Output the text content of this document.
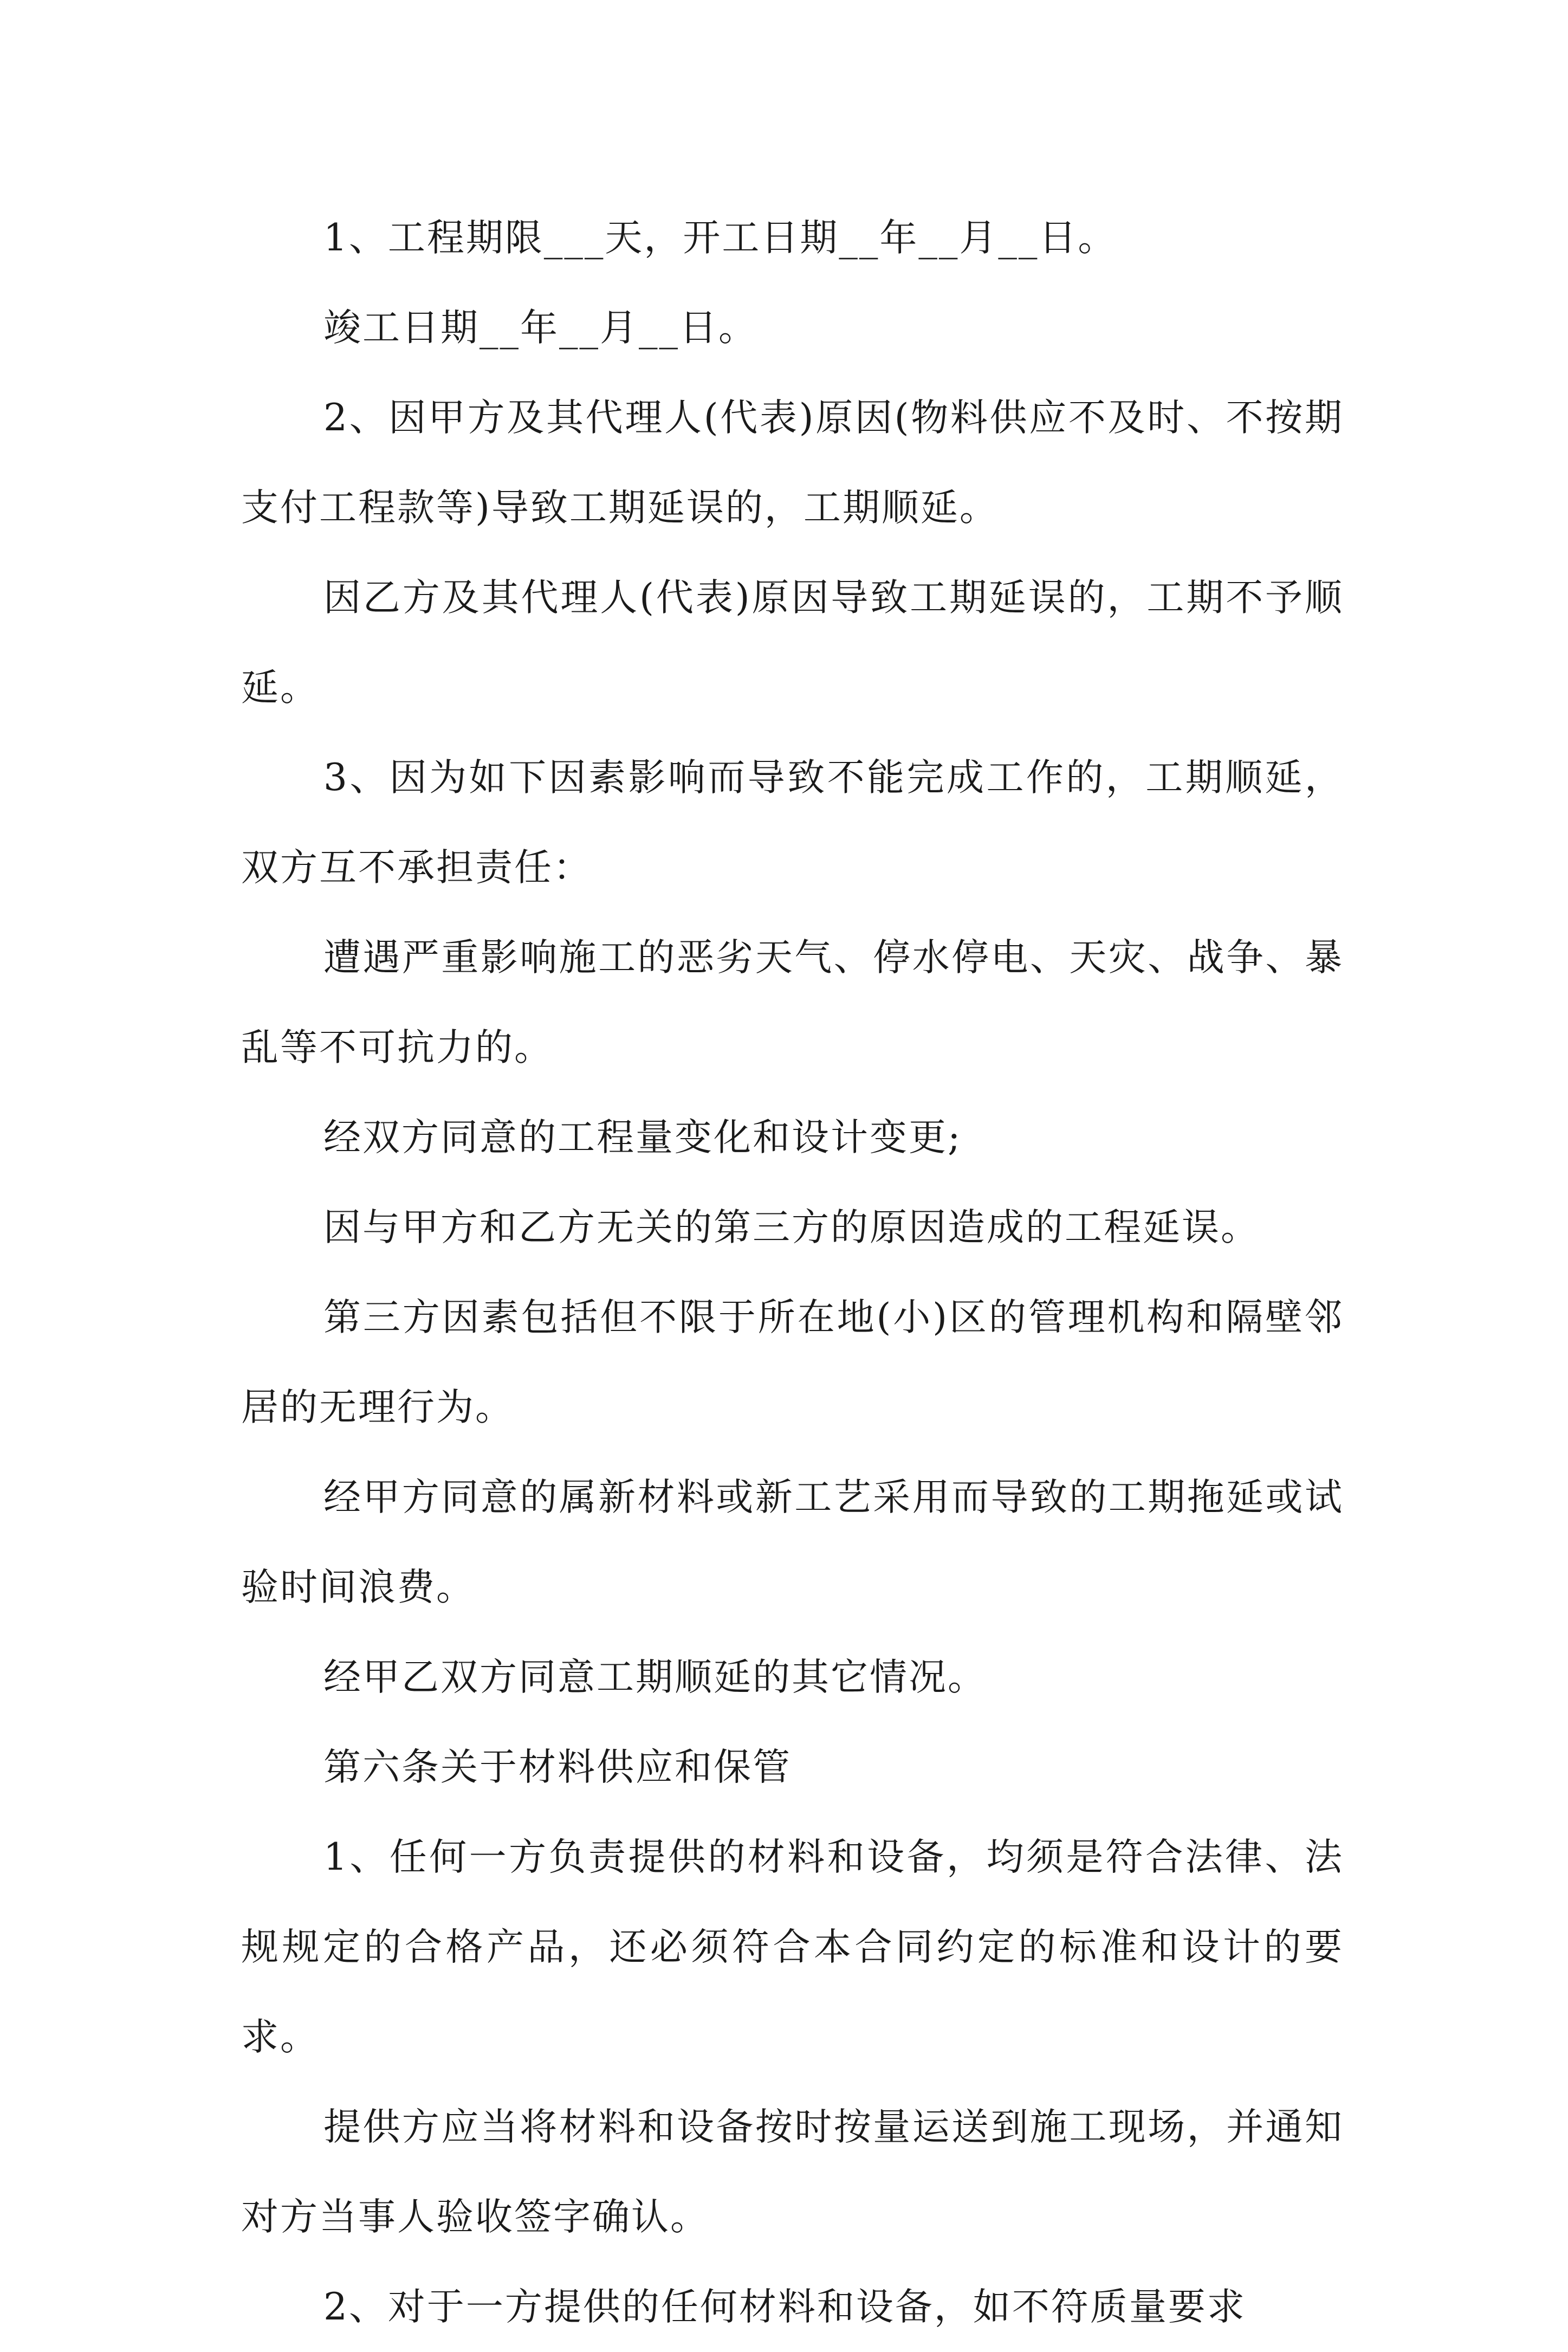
1、工程期限___天，开工日期__年__月__日。

竣工日期__年__月__日。

2、因甲方及其代理人(代表)原因(物料供应不及时、不按期支付工程款等)导致工期延误的，工期顺延。

因乙方及其代理人(代表)原因导致工期延误的，工期不予顺延。

3、因为如下因素影响而导致不能完成工作的，工期顺延，双方互不承担责任：

遭遇严重影响施工的恶劣天气、停水停电、天灾、战争、暴乱等不可抗力的。

经双方同意的工程量变化和设计变更;

因与甲方和乙方无关的第三方的原因造成的工程延误。

第三方因素包括但不限于所在地(小)区的管理机构和隔壁邻居的无理行为。

经甲方同意的属新材料或新工艺采用而导致的工期拖延或试验时间浪费。

经甲乙双方同意工期顺延的其它情况。

第六条关于材料供应和保管

1、任何一方负责提供的材料和设备，均须是符合法律、法规规定的合格产品，还必须符合本合同约定的标准和设计的要求。

提供方应当将材料和设备按时按量运送到施工现场，并通知对方当事人验收签字确认。

2、对于一方提供的任何材料和设备，如不符质量要求
